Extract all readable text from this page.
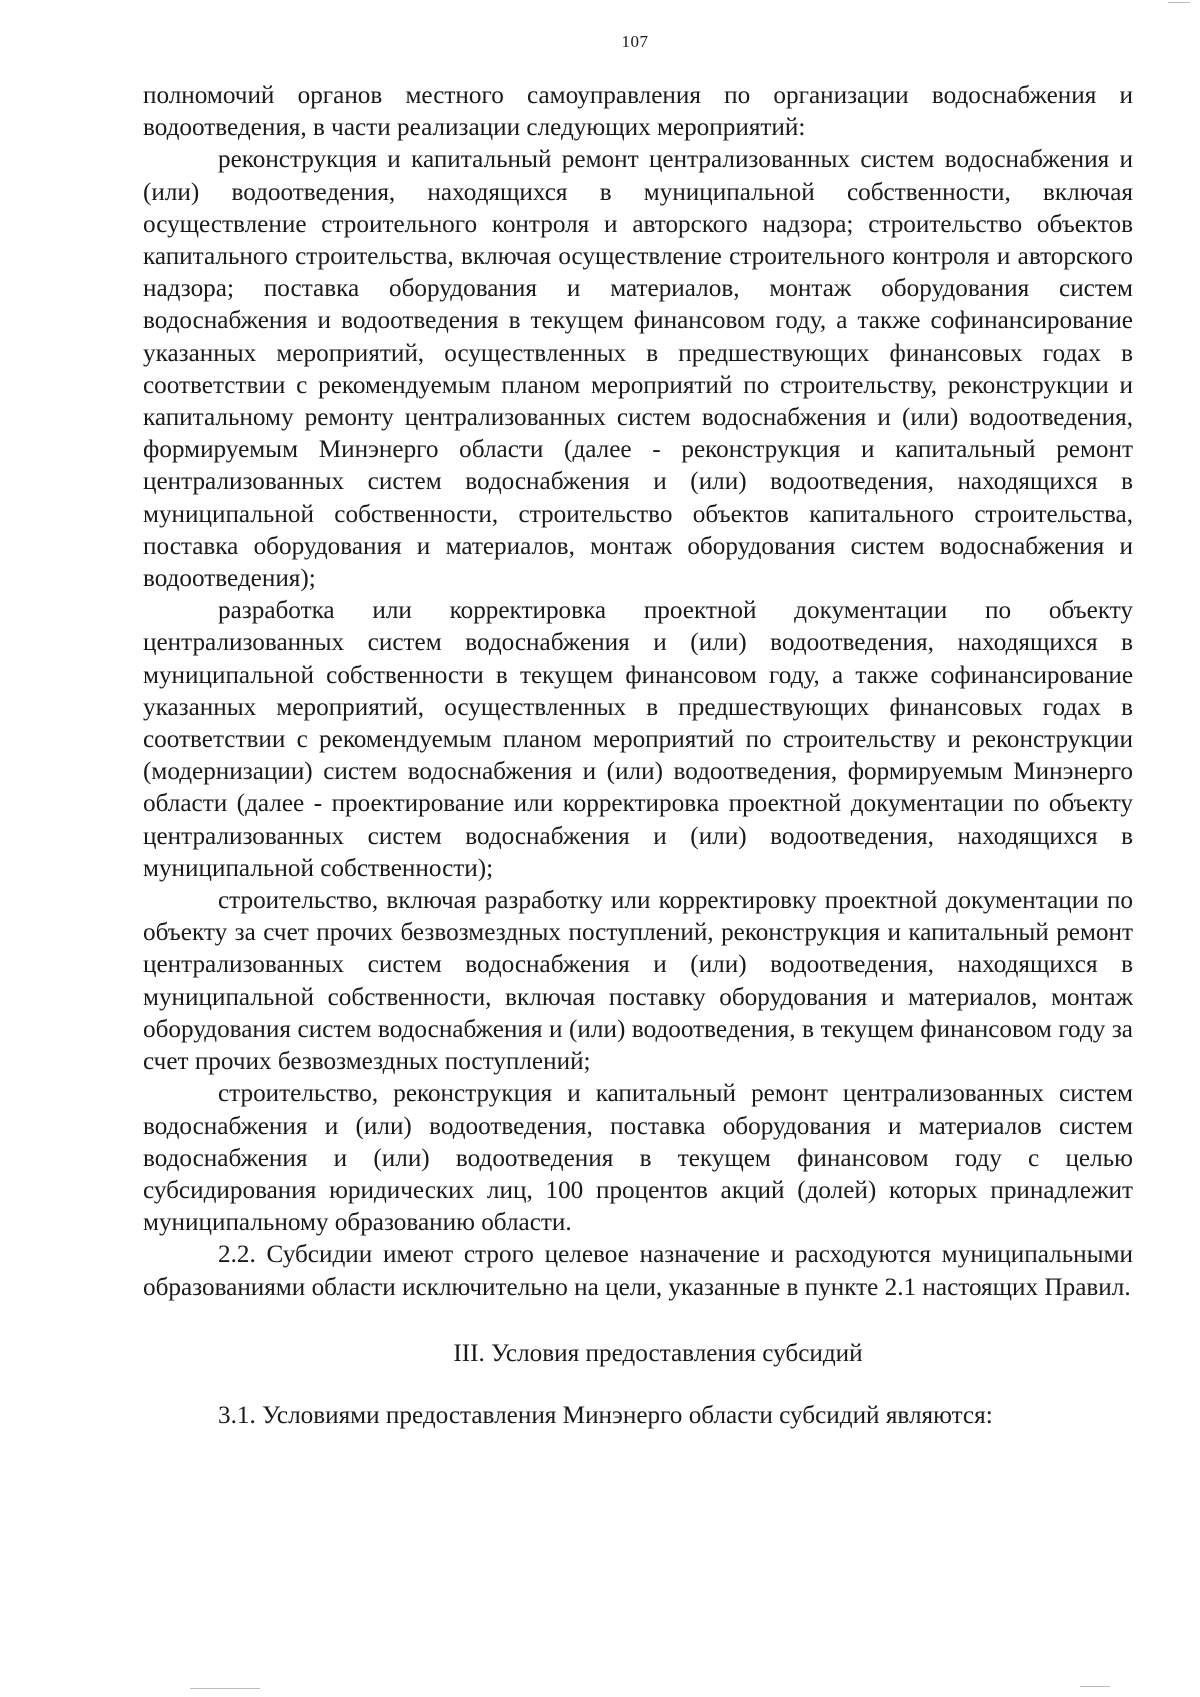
107

полномочий органов местного самоуправления по организации водоснабжения и водоотведения, в части реализации следующих мероприятий:

реконструкция и капитальный ремонт централизованных систем водоснабжения и (или) водоотведения, находящихся в муниципальной собственности, включая осуществление строительного контроля и авторского надзора; строительство объектов капитального строительства, включая осуществление строительного контроля и авторского надзора; поставка оборудования и материалов, монтаж оборудования систем водоснабжения и водоотведения в текущем финансовом году, а также софинансирование указанных мероприятий, осуществленных в предшествующих финансовых годах в соответствии с рекомендуемым планом мероприятий по строительству, реконструкции и капитальному ремонту централизованных систем водоснабжения и (или) водоотведения, формируемым Минэнерго области (далее - реконструкция и капитальный ремонт централизованных систем водоснабжения и (или) водоотведения, находящихся в муниципальной собственности, строительство объектов капитального строительства, поставка оборудования и материалов, монтаж оборудования систем водоснабжения и водоотведения);

разработка или корректировка проектной документации по объекту централизованных систем водоснабжения и (или) водоотведения, находящихся в муниципальной собственности в текущем финансовом году, а также софинансирование указанных мероприятий, осуществленных в предшествующих финансовых годах в соответствии с рекомендуемым планом мероприятий по строительству и реконструкции (модернизации) систем водоснабжения и (или) водоотведения, формируемым Минэнерго области (далее - проектирование или корректировка проектной документации по объекту централизованных систем водоснабжения и (или) водоотведения, находящихся в муниципальной собственности);

строительство, включая разработку или корректировку проектной документации по объекту за счет прочих безвозмездных поступлений, реконструкция и капитальный ремонт централизованных систем водоснабжения и (или) водоотведения, находящихся в муниципальной собственности, включая поставку оборудования и материалов, монтаж оборудования систем водоснабжения и (или) водоотведения, в текущем финансовом году за счет прочих безвозмездных поступлений;

строительство, реконструкция и капитальный ремонт централизованных систем водоснабжения и (или) водоотведения, поставка оборудования и материалов систем водоснабжения и (или) водоотведения в текущем финансовом году с целью субсидирования юридических лиц, 100 процентов акций (долей) которых принадлежит муниципальному образованию области.

2.2. Субсидии имеют строго целевое назначение и расходуются муниципальными образованиями области исключительно на цели, указанные в пункте 2.1 настоящих Правил.

III. Условия предоставления субсидий

3.1. Условиями предоставления Минэнерго области субсидий являются:
